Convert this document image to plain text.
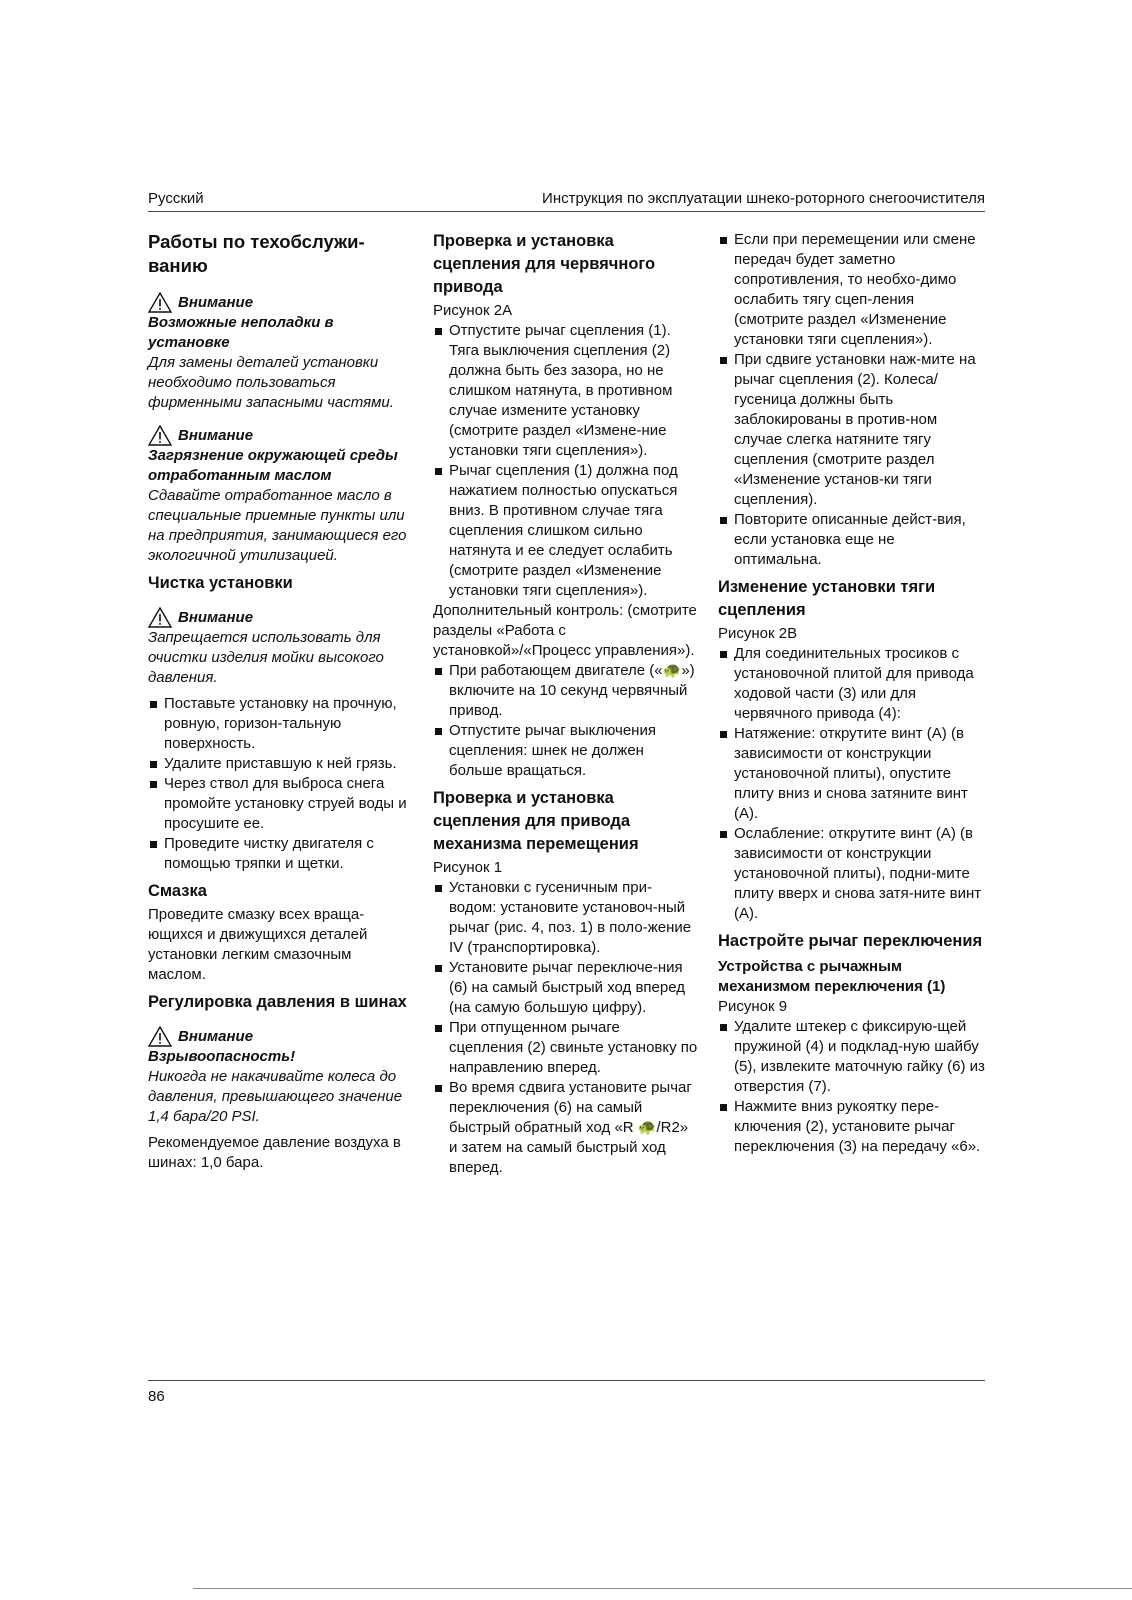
Русский	Инструкция по эксплуатации шнеко-роторного снегоочистителя
Работы по техобслужи-ванию
Внимание

Возможные неполадки в установке

Для замены деталей установки необходимо пользоваться фирменными запасными частями.

Внимание

Загрязнение окружающей среды отработанным маслом

Сдавайте отработанное масло в специальные приемные пункты или на предприятия, занимающиеся его экологичной утилизацией.

Чистка установки
Внимание

Запрещается использовать для очистки изделия мойки высокого давления.

Поставьте установку на прочную, ровную, горизон-тальную поверхность.
Удалите приставшую к ней грязь.
Через ствол для выброса снега промойте установку струей воды и просушите ее.
Проведите чистку двигателя с помощью тряпки и щетки.
Смазка

Проведите смазку всех враща-ющихся и движущихся деталей установки легким смазочным маслом.

Регулировка давления в шинах
Внимание

Взрывоопасность!

Никогда не накачивайте колеса до давления, превышающего значение 1,4 бара/20 PSI.

Рекомендуемое давление воздуха в шинах: 1,0 бара.

Проверка и установка сцепления для червячного привода

Рисунок 2A

Отпустите рычаг сцепления (1). Тяга выключения сцепления (2) должна быть без зазора, но не слишком натянута, в противном случае измените установку (смотрите раздел «Измене-ние установки тяги сцепления»).
Рычаг сцепления (1) должна под нажатием полностью опускаться вниз. В противном случае тяга сцепления слишком сильно натянута и ее следует ослабить (смотрите раздел «Изменение установки тяги сцепления»).

Дополнительный контроль: (смотрите разделы «Работа с установкой»/«Процесс управления»).

При работающем двигателе («🐢») включите на 10 секунд червячный привод.
Отпустите рычаг выключения сцепления: шнек не должен больше вращаться.
Проверка и установка сцепления для привода механизма перемещения

Рисунок 1

Установки с гусеничным при-водом: установите установоч-ный рычаг (рис. 4, поз. 1) в поло-жение IV (транспортировка).
Установите рычаг переключе-ния (6) на самый быстрый ход вперед (на самую большую цифру).
При отпущенном рычаге сцепления (2) свиньте установку по направлению вперед.
Во время сдвига установите рычаг переключения (6) на самый быстрый обратный ход «R 🐢/R2» и затем на самый быстрый ход вперед.
Если при перемещении или смене передач будет заметно сопротивления, то необхо-димо ослабить тягу сцеп-ления (смотрите раздел «Изменение установки тяги сцепления»).
При сдвиге установки наж-мите на рычаг сцепления (2). Колеса/гусеница должны быть заблокированы в против-ном случае слегка натяните тягу сцепления (смотрите раздел «Изменение установ-ки тяги сцепления).
Повторите описанные дейст-вия, если установка еще не оптимальна.
Изменение установки тяги сцепления

Рисунок 2B

Для соединительных тросиков с установочной плитой для привода ходовой части (3) или для червячного привода (4):
Натяжение: открутите винт (A) (в зависимости от конструкции установочной плиты), опустите плиту вниз и снова затяните винт (A).
Ослабление: открутите винт (A) (в зависимости от конструкции установочной плиты), подни-мите плиту вверх и снова затя-ните винт (A).
Настройте рычаг переключения
Устройства с рычажным механизмом переключения (1)

Рисунок 9

Удалите штекер с фиксирую-щей пружиной (4) и подклад-ную шайбу (5), извлеките маточную гайку (6) из отверстия (7).
Нажмите вниз рукоятку пере-ключения (2), установите рычаг переключения (3) на передачу «6».
86
